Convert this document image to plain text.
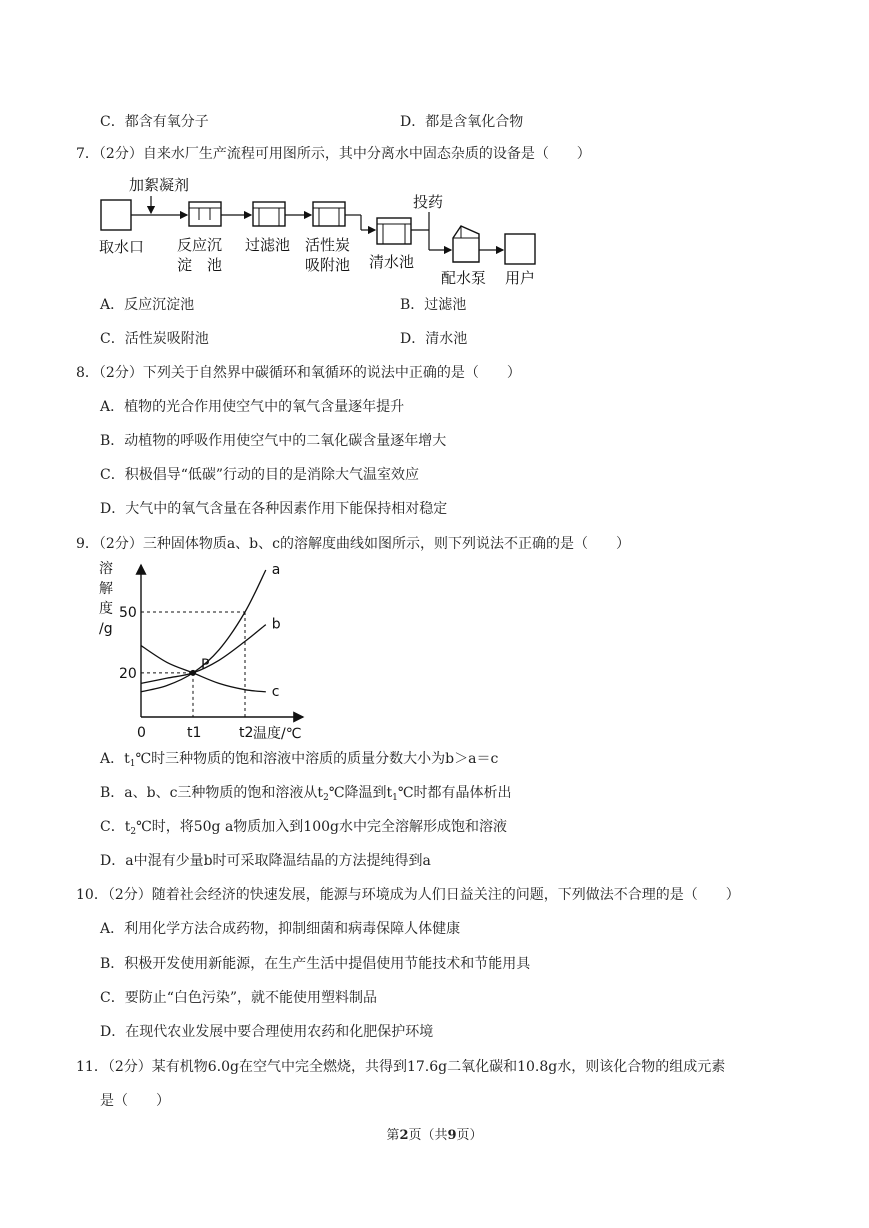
C．都含有氧分子	D．都是含氧化合物
7．（2分）自来水厂生产流程可用图所示，其中分离水中固态杂质的设备是（　　）
取水口
加絮凝剂
反应沉
淀　池
过滤池 活性炭
吸附池 清水池
投药
配水泵 用户
A．反应沉淀池	B．过滤池
C．活性炭吸附池	D．清水池
8．（2分）下列关于自然界中碳循环和氧循环的说法中正确的是（　　）
A．植物的光合作用使空气中的氧气含量逐年提升
B．动植物的呼吸作用使空气中的二氧化碳含量逐年增大
C．积极倡导“低碳”行动的目的是消除大气温室效应
D．大气中的氧气含量在各种因素作用下能保持相对稳定
9．（2分）三种固体物质a、b、c的溶解度曲线如图所示，则下列说法不正确的是（　　）
溶
解
度
/g
0	温度/℃
50
20
t1	t2
a
b
c
P
A．$t_1℃$时三种物质的饱和溶液中溶质的质量分数大小为b＞a＝c
B．a、b、c三种物质的饱和溶液从$t_2℃$降温到$t_1℃$时都有晶体析出
C．$t_2℃$时，将50g a物质加入到100g水中完全溶解形成饱和溶液
D．a中混有少量b时可采取降温结晶的方法提纯得到a
10．（2分）随着社会经济的快速发展，能源与环境成为人们日益关注的问题，下列做法不合理的是（　　）
A．利用化学方法合成药物，抑制细菌和病毒保障人体健康
B．积极开发使用新能源，在生产生活中提倡使用节能技术和节能用具
C．要防止“白色污染”，就不能使用塑料制品
D．在现代农业发展中要合理使用农药和化肥保护环境
11．（2分）某有机物6.0g在空气中完全燃烧，共得到17.6g二氧化碳和10.8g水，则该化合物的组成元素
是（　　）
第2页（共9页）
